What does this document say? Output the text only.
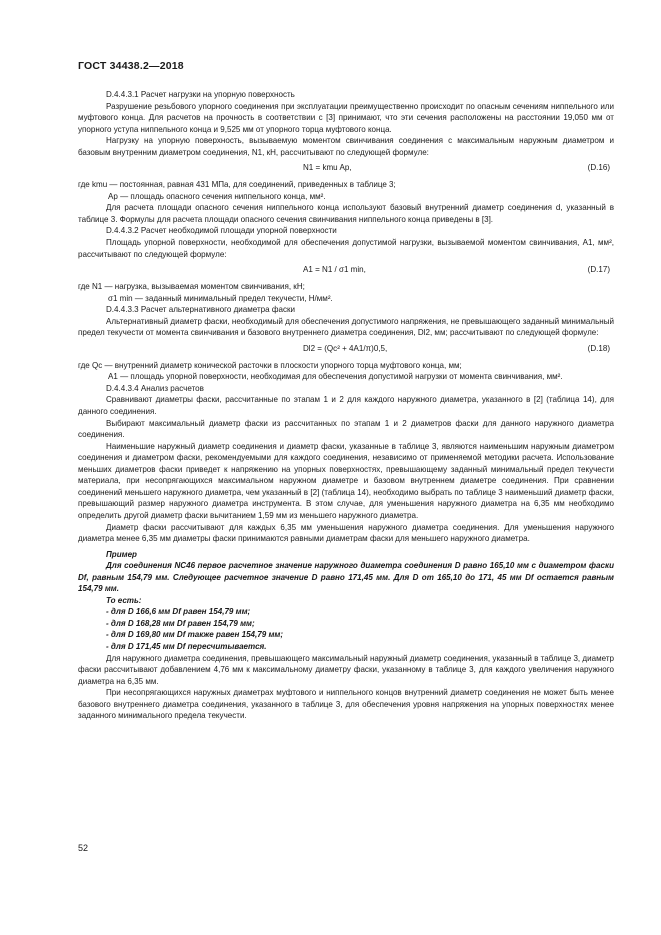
ГОСТ 34438.2—2018

D.4.4.3.1 Расчет нагрузки на упорную поверхность

Разрушение резьбового упорного соединения при эксплуатации преимущественно происходит по опасным сечениям ниппельного или муфтового конца. Для расчетов на прочность в соответствии с [3] принимают, что эти сечения расположены на расстоянии 19,050 мм от упорного уступа ниппельного конца и 9,525 мм от упорного торца муфтового конца.

Нагрузку на упорную поверхность, вызываемую моментом свинчивания соединения с максимальным наружным диаметром и базовым внутренним диаметром соединения, N1, кН, рассчитывают по следующей формуле:

N1 = kmu Ap,	(D.16)

где kmu — постоянная, равная 431 МПа, для соединений, приведенных в таблице 3;

Ap — площадь опасного сечения ниппельного конца, мм².

Для расчета площади опасного сечения ниппельного конца используют базовый внутренний диаметр соединения d, указанный в таблице 3. Формулы для расчета площади опасного сечения свинчивания ниппельного конца приведены в [3].

D.4.4.3.2 Расчет необходимой площади упорной поверхности

Площадь упорной поверхности, необходимой для обеспечения допустимой нагрузки, вызываемой моментом свинчивания, A1, мм², рассчитывают по следующей формуле:

A1 = N1 / σ1 min,	(D.17)

где N1 — нагрузка, вызываемая моментом свинчивания, кН;

σ1 min — заданный минимальный предел текучести, Н/мм².

D.4.4.3.3 Расчет альтернативного диаметра фаски

Альтернативный диаметр фаски, необходимый для обеспечения допустимого напряжения, не превышающего заданный минимальный предел текучести от момента свинчивания и базового внутреннего диаметра соединения, Dl2, мм; рассчитывают по следующей формуле:

Dl2 = (Qc² + 4A1/π)0,5,	(D.18)

где Qc — внутренний диаметр конической расточки в плоскости упорного торца муфтового конца, мм;

A1 — площадь упорной поверхности, необходимая для обеспечения допустимой нагрузки от момента свинчивания, мм².

D.4.4.3.4 Анализ расчетов

Сравнивают диаметры фаски, рассчитанные по этапам 1 и 2 для каждого наружного диаметра, указанного в [2] (таблица 14), для данного соединения.

Выбирают максимальный диаметр фаски из рассчитанных по этапам 1 и 2 диаметров фаски для данного наружного диаметра соединения.

Наименьшие наружный диаметр соединения и диаметр фаски, указанные в таблице 3, являются наименьшим наружным диаметром соединения и диаметром фаски, рекомендуемыми для каждого соединения, независимо от применяемой методики расчета. Использование меньших диаметров фаски приведет к напряжению на упорных поверхностях, превышающему заданный минимальный предел текучести материала, при несопрягающихся максимальном наружном диаметре и базовом внутреннем диаметре соединения. При сравнении соединений меньшего наружного диаметра, чем указанный в [2] (таблица 14), необходимо выбрать по таблице 3 наименьший диаметр фаски, превышающий размер наружного диаметра инструмента. В этом случае, для уменьшения наружного диаметра на 6,35 мм необходимо определить другой диаметр фаски вычитанием 1,59 мм из меньшего наружного диаметра.

Диаметр фаски рассчитывают для каждых 6,35 мм уменьшения наружного диаметра соединения. Для уменьшения наружного диаметра менее 6,35 мм диаметры фаски принимаются равными диаметрам фаски для меньшего наружного диаметра.

Пример

Для соединения NC46 первое расчетное значение наружного диаметра соединения D равно 165,10 мм с диаметром фаски Df, равным 154,79 мм. Следующее расчетное значение D равно 171,45 мм. Для D от 165,10 до 171, 45 мм Df остается равным 154,79 мм.

То есть:

- для D 166,6 мм Df равен 154,79 мм;

- для D 168,28 мм Df равен 154,79 мм;

- для D 169,80 мм Df также равен 154,79 мм;

- для D 171,45 мм Df пересчитывается.

Для наружного диаметра соединения, превышающего максимальный наружный диаметр соединения, указанный в таблице 3, диаметр фаски рассчитывают добавлением 4,76 мм к максимальному диаметру фаски, указанному в таблице 3, для каждого увеличения наружного диаметра на 6,35 мм.

При несопрягающихся наружных диаметрах муфтового и ниппельного концов внутренний диаметр соединения не может быть менее базового внутреннего диаметра соединения, указанного в таблице 3, для обеспечения уровня напряжения на упорных поверхностях менее заданного минимального предела текучести.

52
